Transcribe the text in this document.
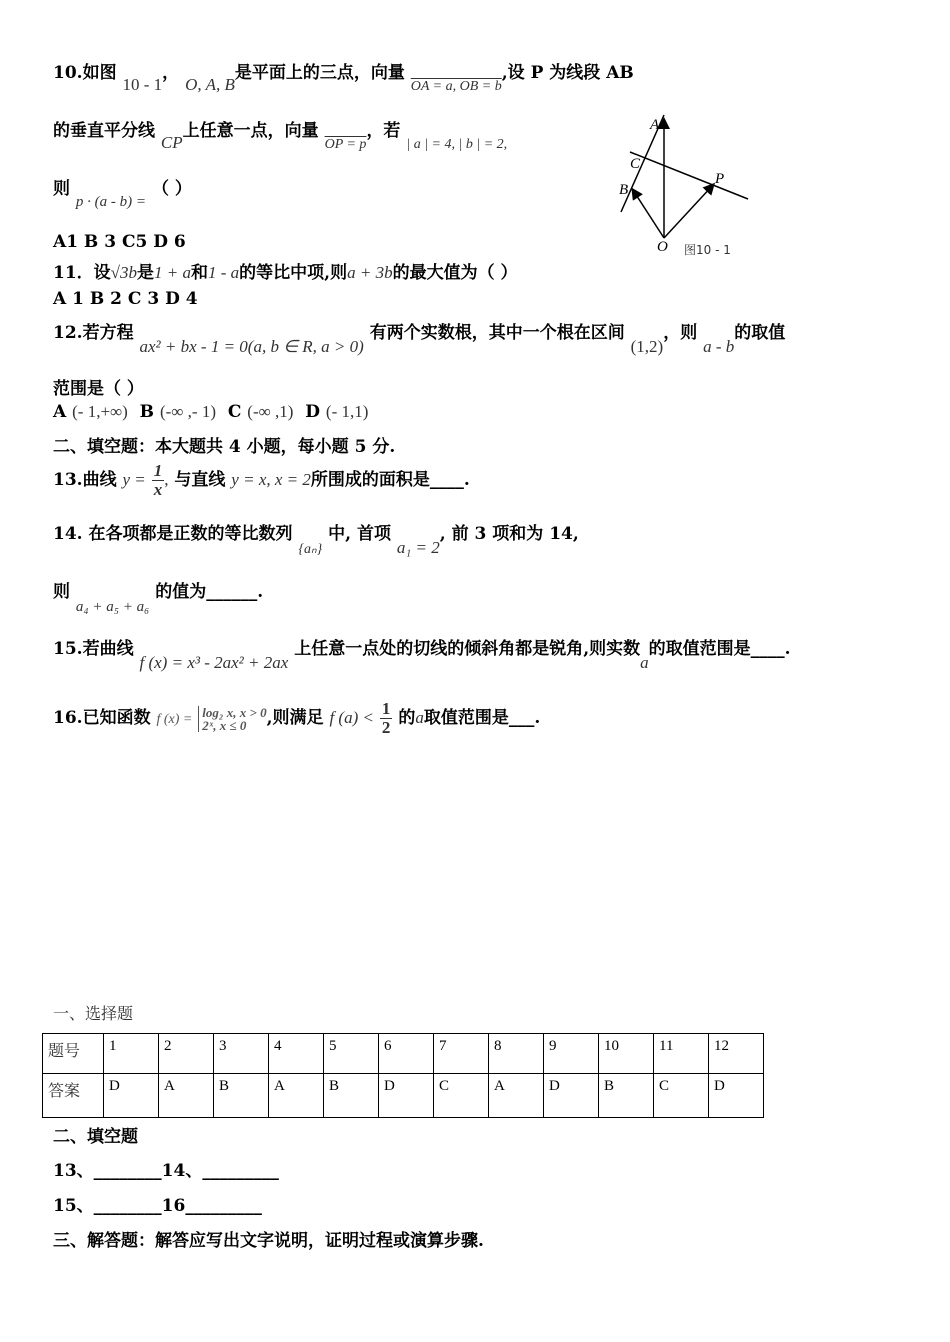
10.如图 10 - 1， O, A, B是平面上的三点，向量 $_{OA = a, OB = b}$,设 P 为线段 AB
的垂直平分线 CP上任意一点，向量 $_{OP = p}$，若 $_{| a | = 4, | b | = 2,}$
则 p · (a - b) = （ ）
A1 B 3 C5 D 6
A
C
B
P
O 图10 - 1
11．设√3b是1 + a和1 - a的等比中项,则a + 3b的最大值为（ ）
A 1 B 2 C 3 D 4
12.若方程 ax² + bx - 1 = 0(a, b ∈ R, a > 0) 有两个实数根，其中一个根在区间 (1,2)，则 a - b的取值
范围是（ ）
A (- 1,+∞) B (-∞ ,- 1) C (-∞ ,1) D (- 1,1)
二、填空题：本大题共 4 小题，每小题 5 分.
13.曲线 $y = \frac{1}{x}$ , 与直线 y = x, x = 2所围成的面积是____.
14. 在各项都是正数的等比数列 $_{\{a_n\}}$ 中, 首项 a₁ = 2, 前 3 项和为 14,
则 a₄ + a₅ + a₆ 的值为______.
15.若曲线 f (x) = x³ - 2ax² + 2ax 上任意一点处的切线的倾斜角都是锐角,则实数a的取值范围是____.
16.已知函数 f (x) = log₂ x, x > 0
2ˣ, x ≤ 0	,则满足 f $(a) < \frac{1}{2}$ 的a取值范围是___.
一、选择题
题号	1	2	3	4	5	6	7	8	9	10	11	12
答案	D	A	B	A	B	D	C	A	D	B	C	D
二、填空题
13、________14、_________
15、________16_________
三、解答题：解答应写出文字说明，证明过程或演算步骤.
